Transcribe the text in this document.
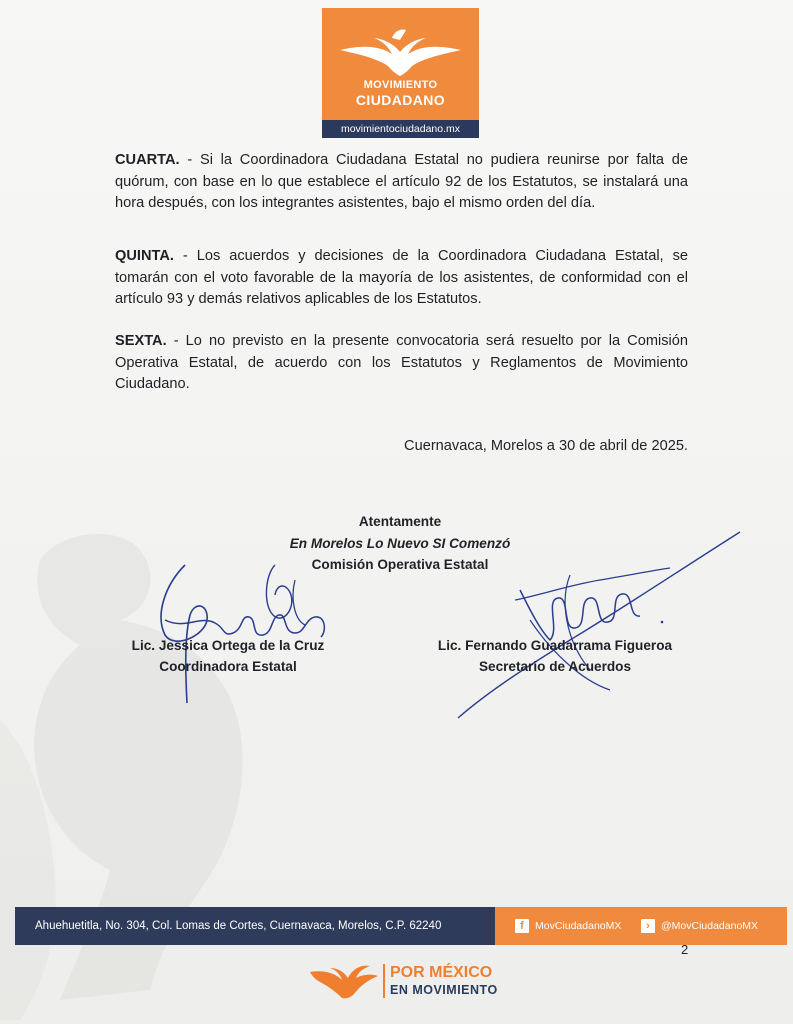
MOVIMIENTO
CIUDADANO
movimientociudadano.mx

CUARTA. - Si la Coordinadora Ciudadana Estatal no pudiera reunirse por falta de quórum, con base en lo que establece el artículo 92 de los Estatutos, se instalará una hora después, con los integrantes asistentes, bajo el mismo orden del día.

QUINTA. - Los acuerdos y decisiones de la Coordinadora Ciudadana Estatal, se tomarán con el voto favorable de la mayoría de los asistentes, de conformidad con el artículo 93 y demás relativos aplicables de los Estatutos.

SEXTA. - Lo no previsto en la presente convocatoria será resuelto por la Comisión Operativa Estatal, de acuerdo con los Estatutos y Reglamentos de Movimiento Ciudadano.

Cuernavaca, Morelos a 30 de abril de 2025.
Atentamente
En Morelos Lo Nuevo SI Comenzó
Comisión Operativa Estatal
Lic. Jessica Ortega de la Cruz
Coordinadora Estatal
Lic. Fernando Guadarrama Figueroa
Secretario de Acuerdos
Ahuehuetitla, No. 304, Col. Lomas de Cortes, Cuernavaca, Morelos, C.P. 62240	f MovCiudadanoMX	› @MovCiudadanoMX
2
POR MÉXICO
EN MOVIMIENTO
